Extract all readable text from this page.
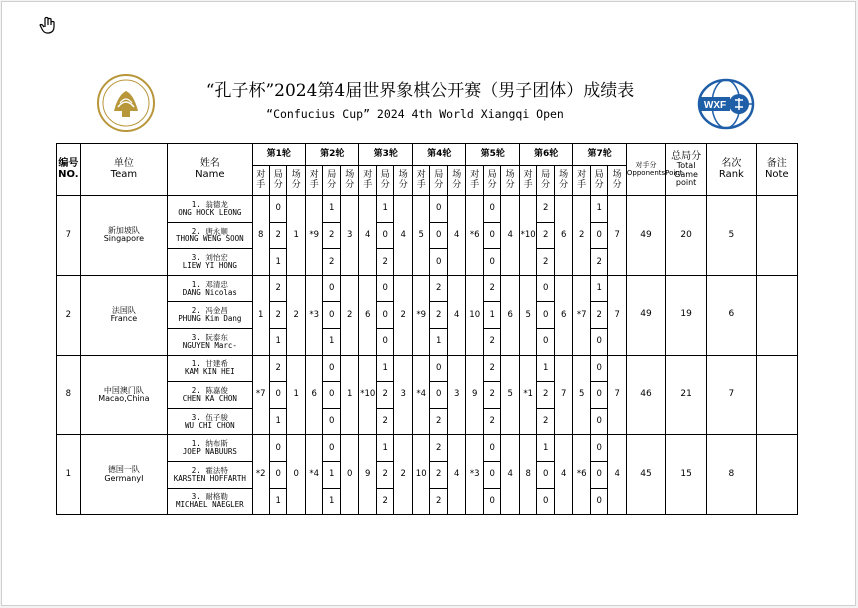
WXF
“孔子杯”2024第4届世界象棋公开赛（男子团体）成绩表
“Confucius Cup” 2024 4th World Xiangqi Open
编号
NO.	单位
Team	姓名
Name	第1轮			第2轮			第3轮			第4轮			第5轮			第6轮			第7轮			对手分
OpponentsPoint	总局分
Total Game point	名次
Rank	备注
Note
			对手	局分	场分	对手	局分	场分	对手	局分	场分	对手	局分	场分	对手	局分	场分	对手	局分	场分	对手	局分	场分				
7	新加坡队
Singapore	1. 翁德龙
ONG HOCK LEONG	8	0	1	*9	1	3	4	1	4	5	0	4	*6	0	4	*10	2	6	2	1	7	49	20	5	
		2. 唐永顺
THONG WENG SOON		2			2			0			0			0			2			0					
		3. 刘怡宏
LIEW YI HONG		1			2			2			0			0			2			2					
2	法国队
France	1. 邓清忠
DANG Nicolas	1	2	2	*3	0	2	6	0	2	*9	2	4	10	2	6	5	0	6	*7	1	7	49	19	6	
		2. 冯金昌
PHUNG Kim Dang		2			0			0			2			1			0			2					
		3. 阮泰东
NGUYEN Marc-		1			1			0			1			2			0			0					
8	中国澳门队
Macao,China	1. 甘建希
KAM KIN HEI	*7	2	1	6	0	1	*10	1	3	*4	0	3	9	2	5	*1	1	7	5	0	7	46	21	7	
		2. 陈嘉俊
CHEN KA CHON		0			0			2			0			2			2			0					
		3. 伍子骏
WU CHI CHON		1			0			2			2			2			2			0					
1	德国一队
GermanyI	1. 纳布斯
JOEP NABUURS	*2	0	0	*4	0	0	9	1	2	10	2	4	*3	0	4	8	1	4	*6	0	4	45	15	8	
		2. 霍法特
KARSTEN HOFFARTH		0			1			2			2			0			0			0					
		3. 耐格勒
MICHAEL NAEGLER		1			1			2			2			0			0			0					
